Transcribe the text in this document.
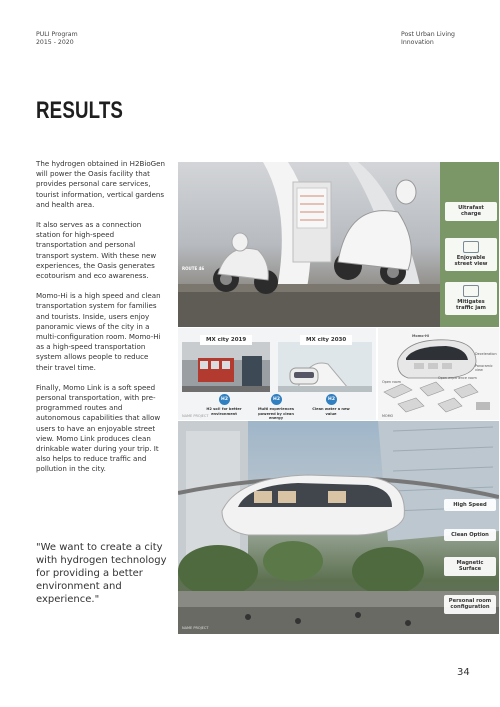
PULI Program
2015 - 2020
Post Urban Living
Innovation
RESULTS

The hydrogen obtained in H2BioGen will power the Oasis facility that provides personal care services, tourist information, vertical gardens and health area.

It also serves as a connection station for high-speed transportation and personal transport system. With these new experiences, the Oasis generates ecotourism and eco awareness.

Momo-Hi is a high speed and clean transportation system for families and tourists. Inside, users enjoy panoramic views of the city in a multi-configuration room. Momo-Hi as a high-speed transportation system allows people to reduce their travel time.

Finally, Momo Link is a soft speed personal transportation, with pre-programmed routes and autonomous capabilities that allow users to have an enjoyable street view. Momo Link produces clean drinkable water during your trip. It also helps to reduce traffic and pollution in the city.

"We want to create a city with hydrogen technology for providing a better environment and experience."

ROUTE 46
Ultrafast charge
Enjoyable street view
Mitigates traffic jam
MX city 2019	MX city 2030
H2	H2	H2
H2 sol! for better environment
Multi experiences powered by clean energy
Clean water a new value
NAME PROJECT
Momo-Hi
Deceleration
Panoramic view
Open room
Open experience room
MOMO
High Speed
Clean Option
Magnetic Surface
Personal room configuration
NAME PROJECT
34
